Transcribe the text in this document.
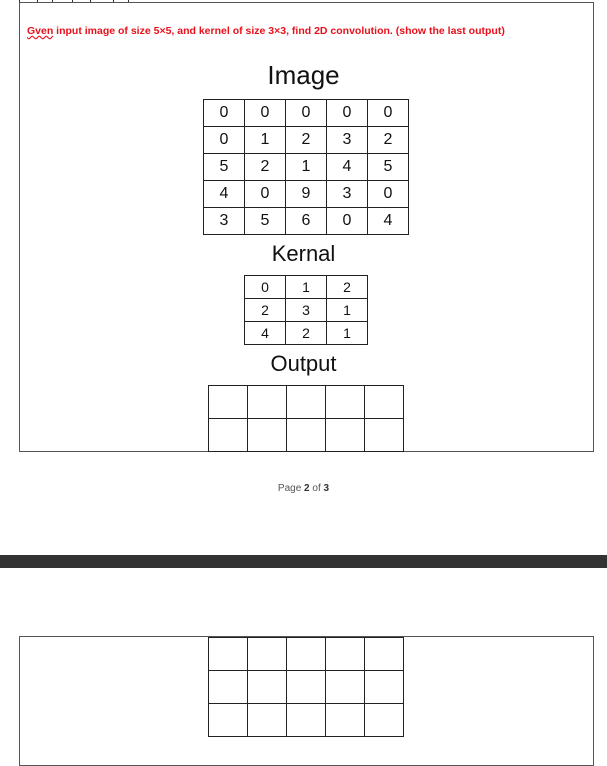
Gven input image of size 5×5, and kernel of size 3×3, find 2D convolution. (show the last output)
Image
0	0	0	0	0
0	1	2	3	2
5	2	1	4	5
4	0	9	3	0
3	5	6	0	4
Kernal
0	1	2
2	3	1
4	2	1
Output

Page 2 of 3
